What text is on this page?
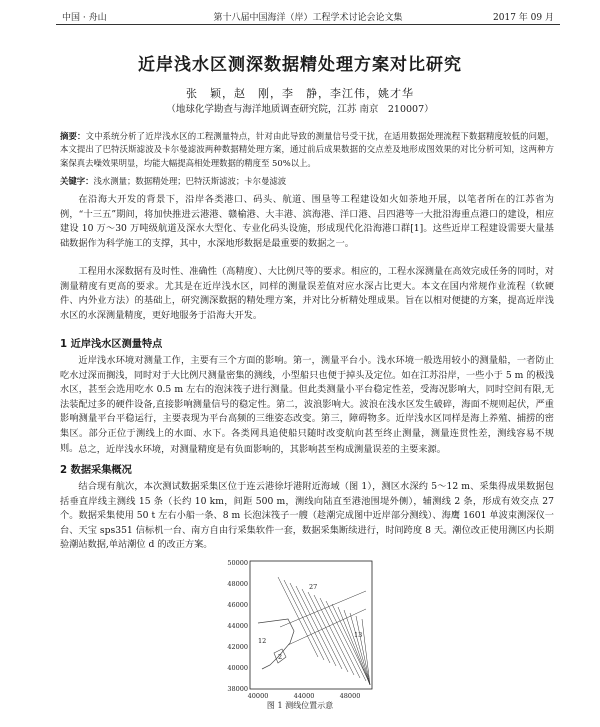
中国 · 舟山	第十八届中国海洋（岸）工程学术讨论会论文集	2017 年 09 月
近岸浅水区测深数据精处理方案对比研究
张　颖，赵　刚，李　静，李江伟，姚才华
（地球化学勘查与海洋地质调查研究院，江苏 南京　210007）
摘要：文中系统分析了近岸浅水区的工程测量特点，针对由此导致的测量信号受干扰，在适用数据处理流程下数据精度较低的问题，本文提出了巴特沃斯滤波及卡尔曼滤波两种数据精处理方案，通过前后成果数据的交点差及地形成图效果的对比分析可知，这两种方案保真去噪效果明显，均能大幅提高相处理数据的精度至 50%以上。
关键字：浅水测量；数据精处理；巴特沃斯滤波；卡尔曼滤波

在沿海大开发的背景下，沿岸各类港口、码头、航道、围垦等工程建设如火如荼地开展，以笔者所在的江苏省为例，“十三五”期间，将加快推进云港港、赣榆港、大丰港、滨海港、洋口港、吕四港等一大批沿海重点港口的建设，相应建设 10 万～30 万吨级航道及深水大型化、专业化码头设施，形成现代化沿海港口群[1]。这些近岸工程建设需要大量基础数据作为科学施工的支撑，其中，水深地形数据是最重要的数据之一。

工程用水深数据有及时性、准确性（高精度）、大比例尺等的要求。相应的，工程水深测量在高效完成任务的同时，对测量精度有更高的要求。尤其是在近岸浅水区，同样的测量误差值对应水深占比更大。本文在国内常规作业流程（软硬件、内外业方法）的基础上，研究测深数据的精处理方案，并对比分析精处理成果。旨在以相对便捷的方案，提高近岸浅水区的水深测量精度，更好地服务于沿海大开发。

1 近岸浅水区测量特点

近岸浅水环境对测量工作，主要有三个方面的影响。第一，测量平台小。浅水环境一般选用较小的测量船，一者防止吃水过深而搁浅，同时对于大比例尺测量密集的测线，小型船只也便于掉头及定位。如在江苏沿岸，一些小于 5 m 的极浅水区，甚至会选用吃水 0.5 m 左右的泡沫筏子进行测量。但此类测量小平台稳定性差，受海况影响大，同时空间有限,无法装配过多的硬件设备,直接影响测量信号的稳定性。第二，波浪影响大。波浪在浅水区发生破碎，海面不规则起伏，严重影响测量平台平稳运行，主要表现为平台高频的三维姿态改变。第三，障碍物多。近岸浅水区同样是海上养殖、捕捞的密集区。部分正位于测线上的水面、水下。各类网具追使船只随时改变航向甚至终止测量，测量连贯性差，测线容易不规则。 总之，近岸浅水环境，对测量精度是有负面影响的，其影响甚至构成测量误差的主要来源。

2 数据采集概况

结合现有航次，本次测试数据采集区位于连云港徐圩港附近海域（图 1），测区水深约 5～12 m、采集得成果数据包括垂直岸线主测线 15 条（长约 10 km，间距 500 m，测线向陆直至港池围堤外侧），辅测线 2 条，形成有效交点 27 个。数据采集使用 50 t 左右小船一条、8 m 长泡沫筏子一艘（趁潮完成图中近岸部分测线）、海鹰 1601 单波束测深仪一台、天宝 sps351 信标机一台、南方自由行采集软件一套，数据采集断续进行，时间跨度 8 天。潮位改正使用测区内长期验潮站数据,单站潮位 d 的改正方案。

50000
48000
46000
44000
42000
40000
38000
40000	44000	48000
27
12
13
2
图 1 测线位置示意
